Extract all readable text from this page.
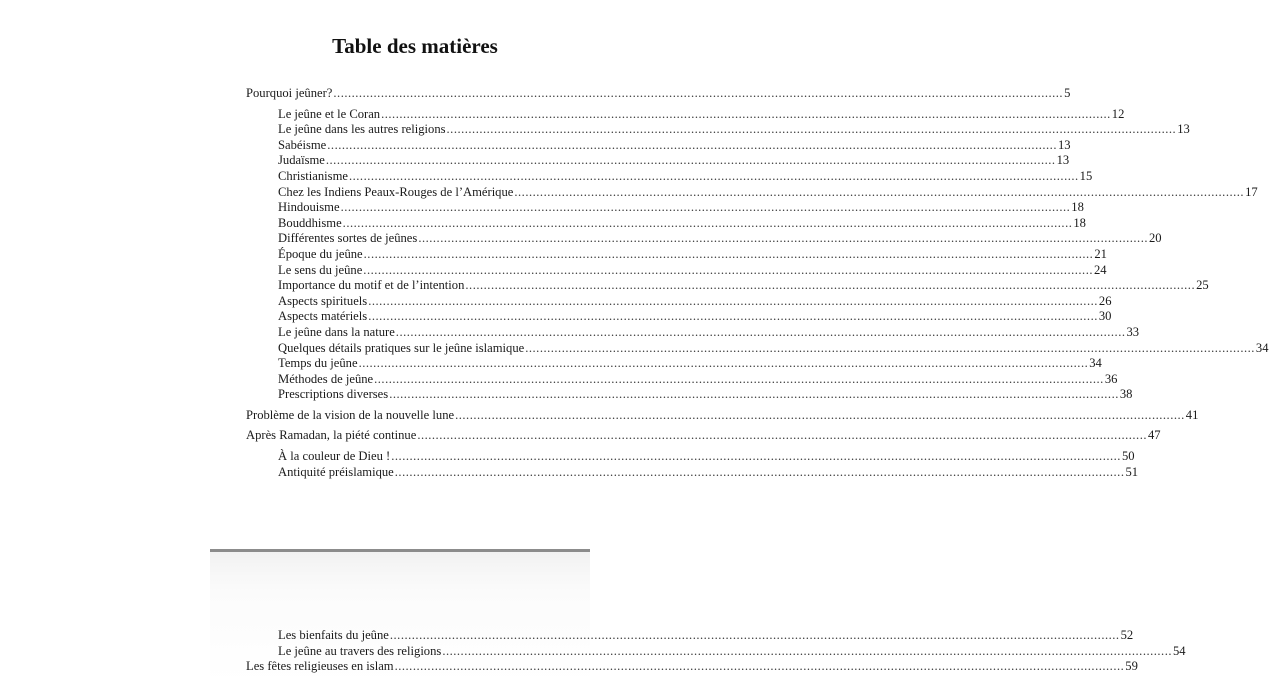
Table des matières
Pourquoi jeûner? ........................................................................................................................................................................................................ 5
Le jeûne et le Coran ........................................................................................................................................................................................................ 12
Le jeûne dans les autres religions ........................................................................................................................................................................................................ 13
Sabéisme ........................................................................................................................................................................................................ 13
Judaïsme ........................................................................................................................................................................................................ 13
Christianisme ........................................................................................................................................................................................................ 15
Chez les Indiens Peaux-Rouges de l’Amérique ........................................................................................................................................................................................................ 17
Hindouisme ........................................................................................................................................................................................................ 18
Bouddhisme ........................................................................................................................................................................................................ 18
Différentes sortes de jeûnes ........................................................................................................................................................................................................ 20
Époque du jeûne ........................................................................................................................................................................................................ 21
Le sens du jeûne ........................................................................................................................................................................................................ 24
Importance du motif et de l’intention ........................................................................................................................................................................................................ 25
Aspects spirituels ........................................................................................................................................................................................................ 26
Aspects matériels ........................................................................................................................................................................................................ 30
Le jeûne dans la nature ........................................................................................................................................................................................................ 33
Quelques détails pratiques sur le jeûne islamique ........................................................................................................................................................................................................ 34
Temps du jeûne ........................................................................................................................................................................................................ 34
Méthodes de jeûne ........................................................................................................................................................................................................ 36
Prescriptions diverses ........................................................................................................................................................................................................ 38
Problème de la vision de la nouvelle lune ........................................................................................................................................................................................................ 41
Après Ramadan, la piété continue ........................................................................................................................................................................................................ 47
À la couleur de Dieu ! ........................................................................................................................................................................................................ 50
Antiquité préislamique ........................................................................................................................................................................................................ 51
Les bienfaits du jeûne ........................................................................................................................................................................................................ 52
Le jeûne au travers des religions ........................................................................................................................................................................................................ 54
Les fêtes religieuses en islam ........................................................................................................................................................................................................ 59
